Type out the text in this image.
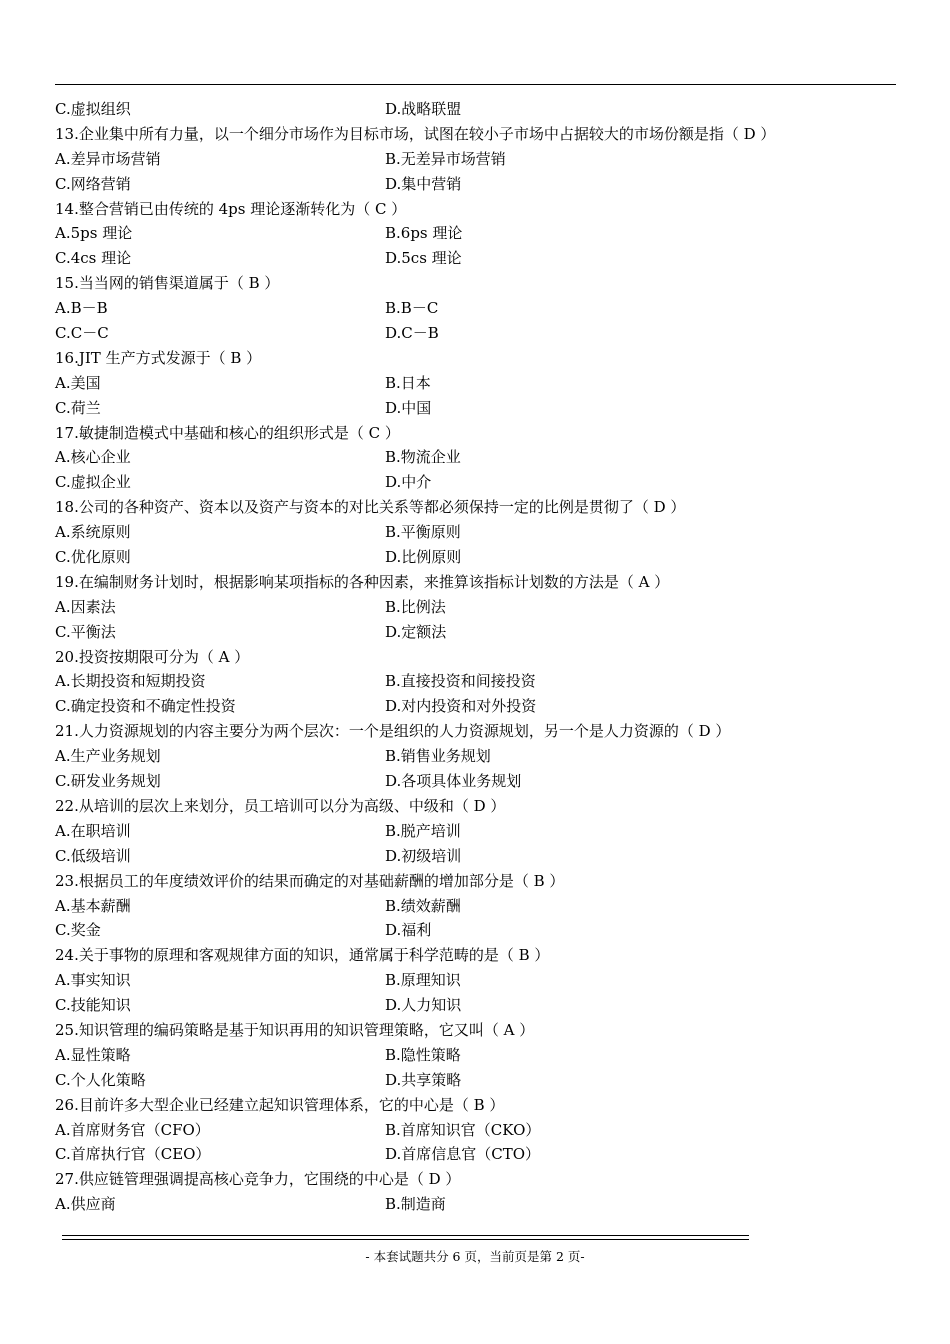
C.虚拟组织	D.战略联盟
13.企业集中所有力量，以一个细分市场作为目标市场，试图在较小子市场中占据较大的市场份额是指（ D ）
A.差异市场营销	B.无差异市场营销
C.网络营销	D.集中营销
14.整合营销已由传统的 4ps 理论逐渐转化为（ C ）
A.5ps 理论	B.6ps 理论
C.4cs 理论	D.5cs 理论
15.当当网的销售渠道属于（ B ）
A.B－B	B.B－C
C.C－C	D.C－B
16.JIT 生产方式发源于（ B ）
A.美国	B.日本
C.荷兰	D.中国
17.敏捷制造模式中基础和核心的组织形式是（ C ）
A.核心企业	B.物流企业
C.虚拟企业	D.中介
18.公司的各种资产、资本以及资产与资本的对比关系等都必须保持一定的比例是贯彻了（ D ）
A.系统原则	B.平衡原则
C.优化原则	D.比例原则
19.在编制财务计划时，根据影响某项指标的各种因素，来推算该指标计划数的方法是（ A ）
A.因素法	B.比例法
C.平衡法	D.定额法
20.投资按期限可分为（ A ）
A.长期投资和短期投资	B.直接投资和间接投资
C.确定投资和不确定性投资	D.对内投资和对外投资
21.人力资源规划的内容主要分为两个层次：一个是组织的人力资源规划，另一个是人力资源的（ D ）
A.生产业务规划	B.销售业务规划
C.研发业务规划	D.各项具体业务规划
22.从培训的层次上来划分，员工培训可以分为高级、中级和（ D ）
A.在职培训	B.脱产培训
C.低级培训	D.初级培训
23.根据员工的年度绩效评价的结果而确定的对基础薪酬的增加部分是（ B ）
A.基本薪酬	B.绩效薪酬
C.奖金	D.福利
24.关于事物的原理和客观规律方面的知识，通常属于科学范畴的是（ B ）
A.事实知识	B.原理知识
C.技能知识	D.人力知识
25.知识管理的编码策略是基于知识再用的知识管理策略，它又叫（ A ）
A.显性策略	B.隐性策略
C.个人化策略	D.共享策略
26.目前许多大型企业已经建立起知识管理体系，它的中心是（ B ）
A.首席财务官（CFO）	B.首席知识官（CKO）
C.首席执行官（CEO）	D.首席信息官（CTO）
27.供应链管理强调提高核心竞争力，它围绕的中心是（ D ）
A.供应商	B.制造商
- 本套试题共分 6 页，当前页是第 2 页-
